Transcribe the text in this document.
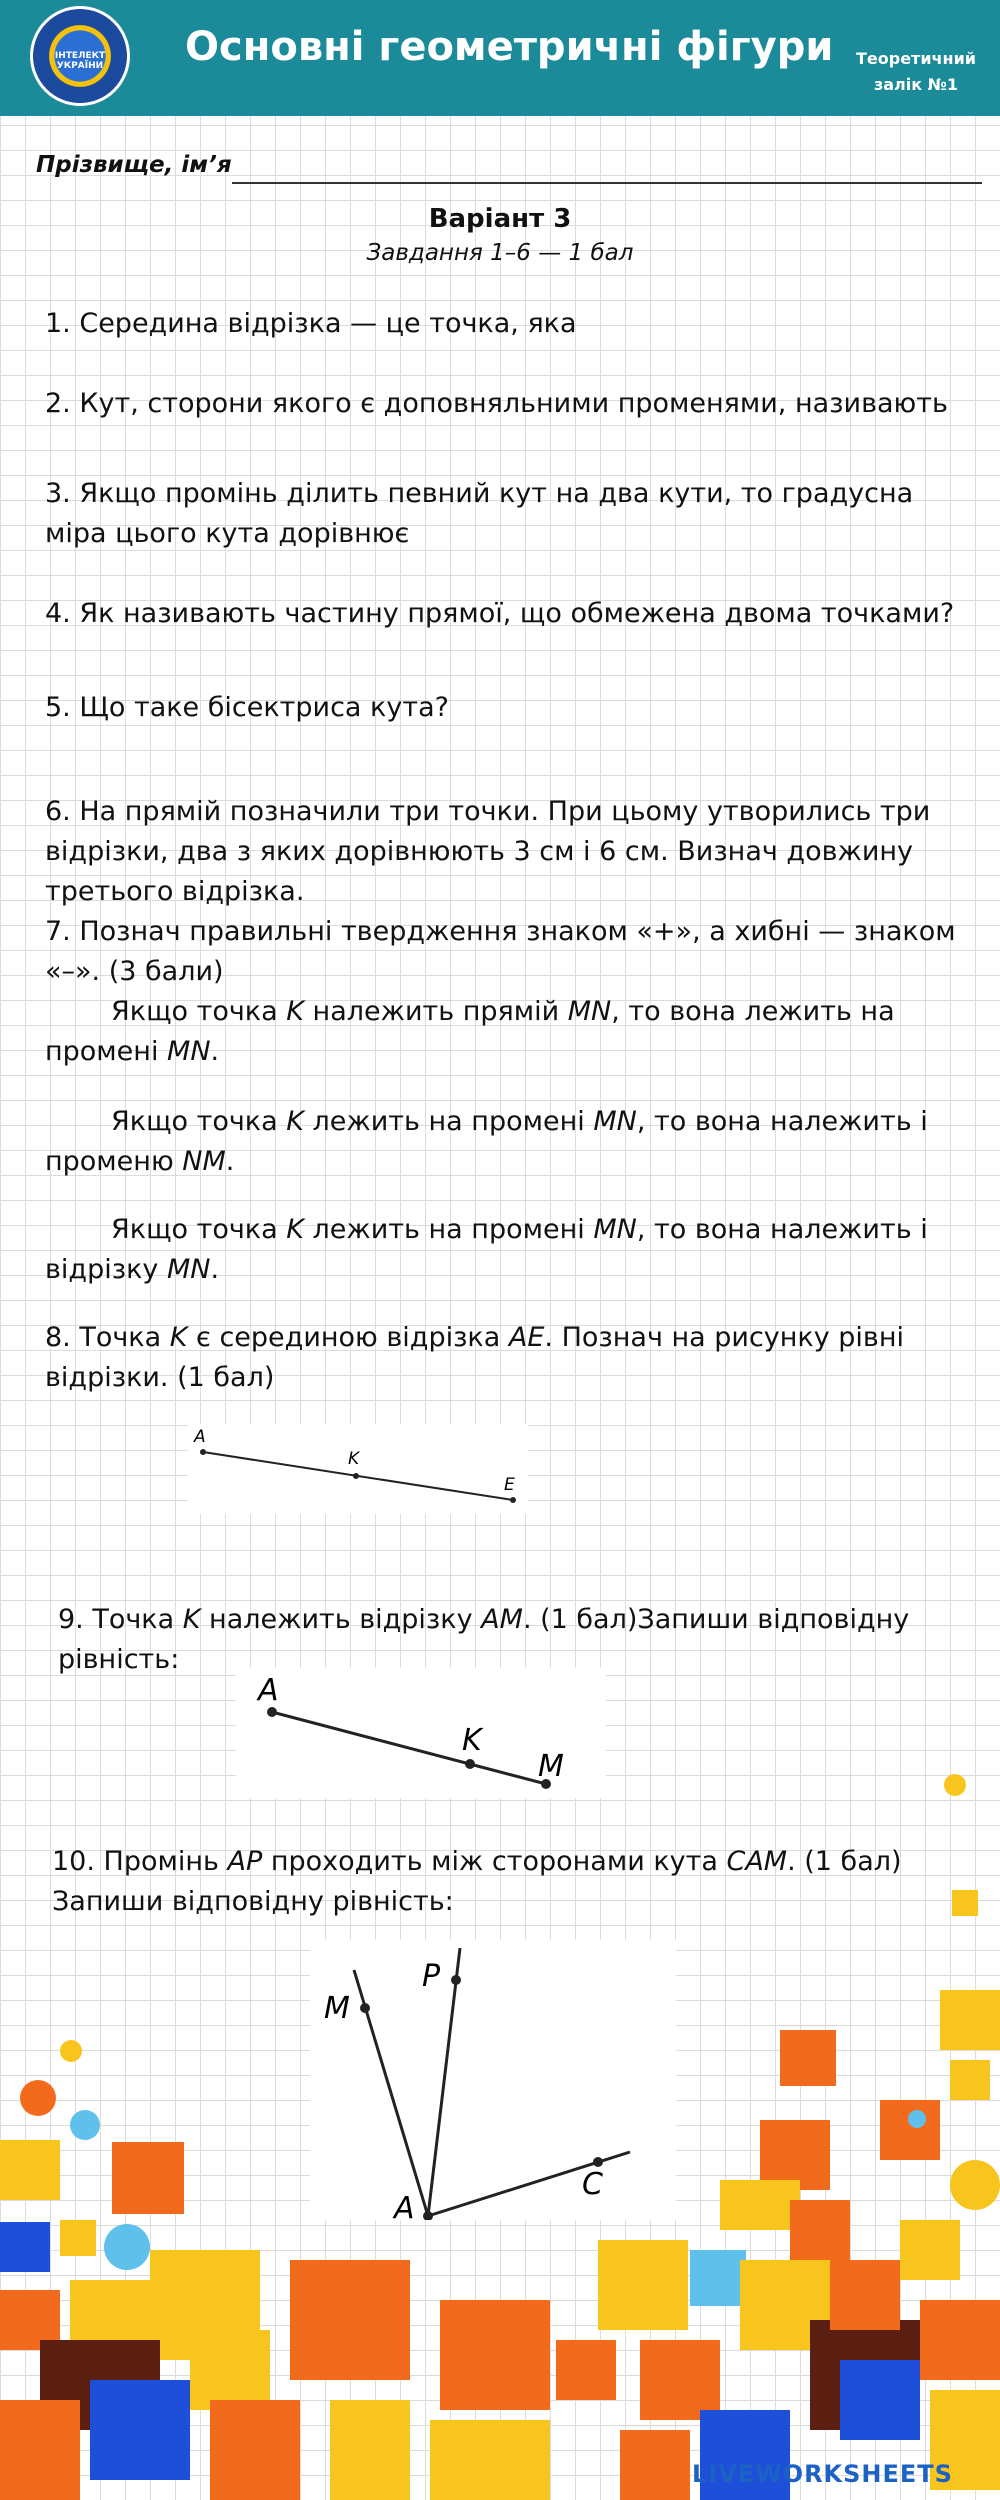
ІНТЕЛЕКТ УКРАЇНИ	Основні геометричні фігури	Теоретичний
залік №1
Прізвище, ім’я
Варіант 3
Завдання 1–6 — 1 бал
1. Середина відрізка — це точка, яка
2. Кут, сторони якого є доповняльними променями, називають
3. Якщо промінь ділить певний кут на два кути, то градусна міра цього кута дорівнює
4. Як називають частину прямої, що обмежена двома точками?
5. Що таке бісектриса кута?
6. На прямій позначили три точки. При цьому утворились три відрізки, два з яких дорівнюють 3 см і 6 см. Визнач довжину третього відрізка.
7. Познач правильні твердження знаком «+», а хибні — знаком «–». (3 бали)
Якщо точка K належить прямій MN, то вона лежить на промені MN.
Якщо точка K лежить на промені MN, то вона належить і променю NM.
Якщо точка K лежить на промені MN, то вона належить і відрізку MN.
8. Точка K є серединою відрізка AE. Познач на рисунку рівні відрізки. (1 бал)
A
K
E
9. Точка K належить відрізку AM. (1 бал)Запиши відповідну рівність:
A
K
M
10. Промінь AP проходить між сторонами кута CAM. (1 бал) Запиши відповідну рівність:
M
P
A
C
LIVEWORKSHEETS
